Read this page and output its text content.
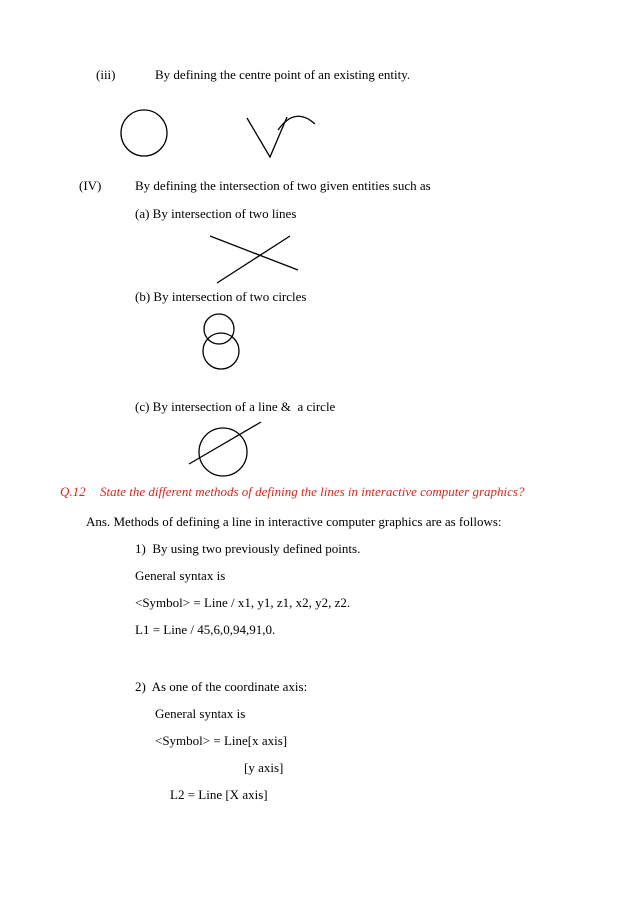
(iii)	By defining the centre point of an existing entity.
(IV)	By defining the intersection of two given entities such as
(a) By intersection of two lines
(b) By intersection of two circles
(c) By intersection of a line &  a circle
Q.12 State the different methods of defining the lines in interactive computer graphics?
Ans. Methods of defining a line in interactive computer graphics are as follows:
1)  By using two previously defined points.
General syntax is
<Symbol> = Line / x1, y1, z1, x2, y2, z2.
L1 = Line / 45,6,0,94,91,0.
2)  As one of the coordinate axis:
General syntax is
<Symbol> = Line[x axis]
[y axis]
L2 = Line [X axis]
